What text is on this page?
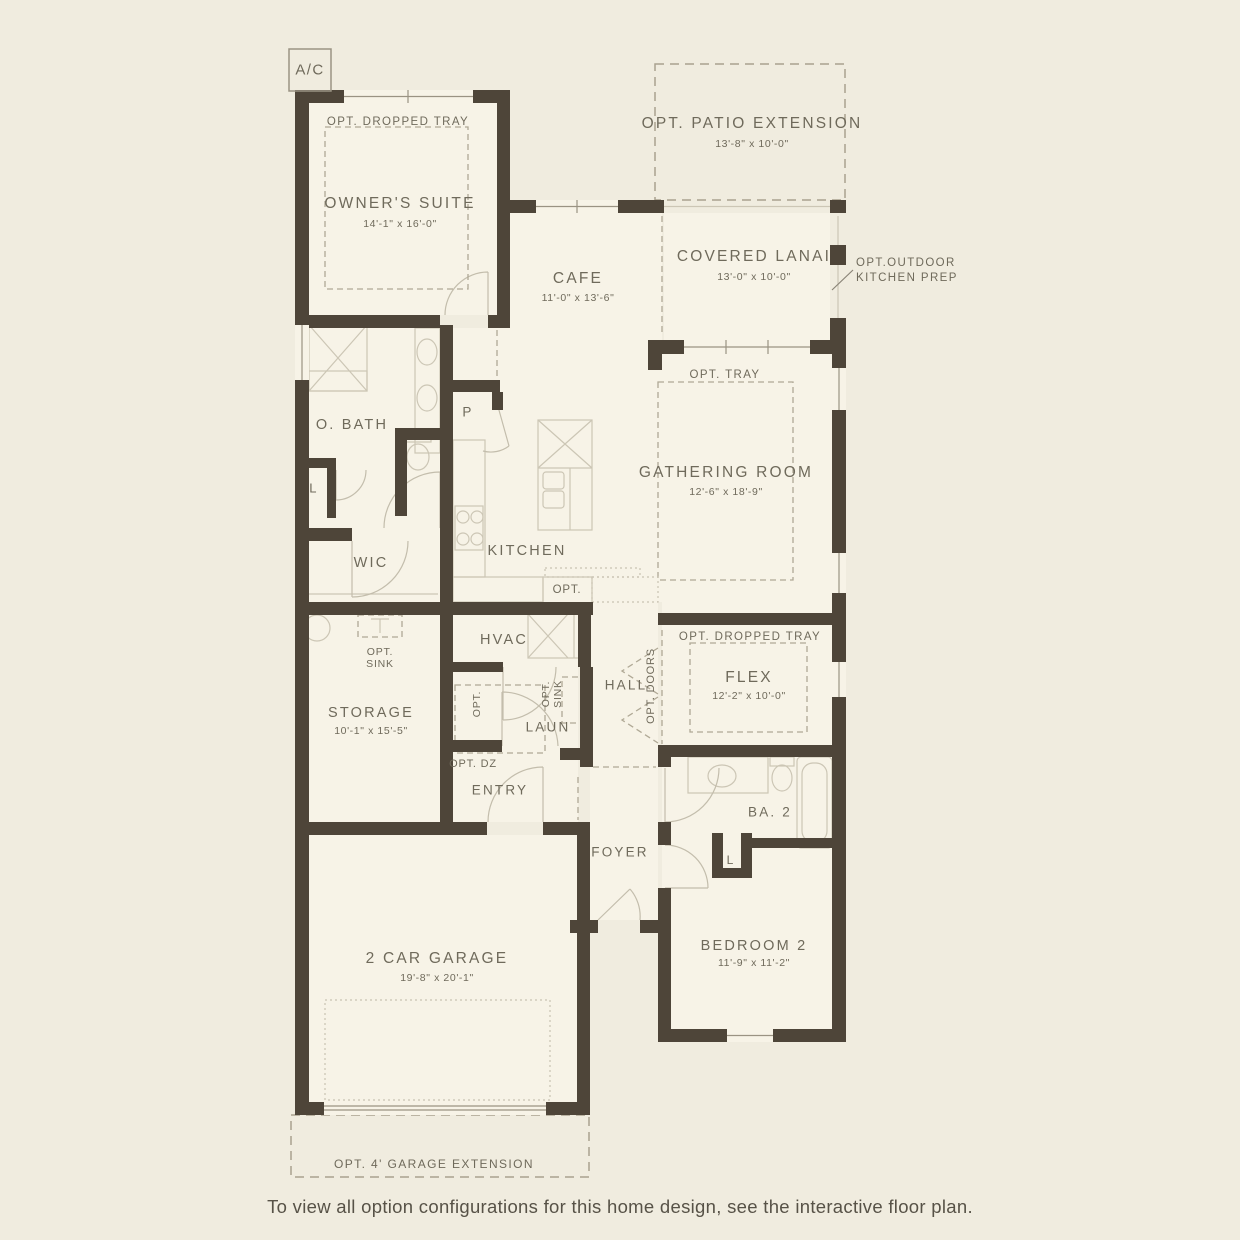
A/C
OPT. DROPPED TRAY
OWNER'S SUITE
14'-1" x 16'-0"
OPT. PATIO EXTENSION
13'-8" x 10'-0"
COVERED LANAI
13'-0" x 10'-0"
OPT.OUTDOOR
KITCHEN PREP
CAFE
11'-0" x 13'-6"
OPT. TRAY
GATHERING ROOM
12'-6" x 18'-9"
O. BATH
L
P
WIC
KITCHEN
OPT.
HVAC
OPT.
SINK
STORAGE
10'-1" x 15'-5"
OPT.	OPT. SINK
LAUN
OPT. DZ
HALL
OPT. DOORS
OPT. DROPPED TRAY
FLEX
12'-2" x 10'-0"
ENTRY
FOYER
BA. 2
L
BEDROOM 2
11'-9" x 11'-2"
2 CAR GARAGE
19'-8" x 20'-1"
OPT. 4' GARAGE EXTENSION
To view all option configurations for this home design, see the interactive floor plan.
